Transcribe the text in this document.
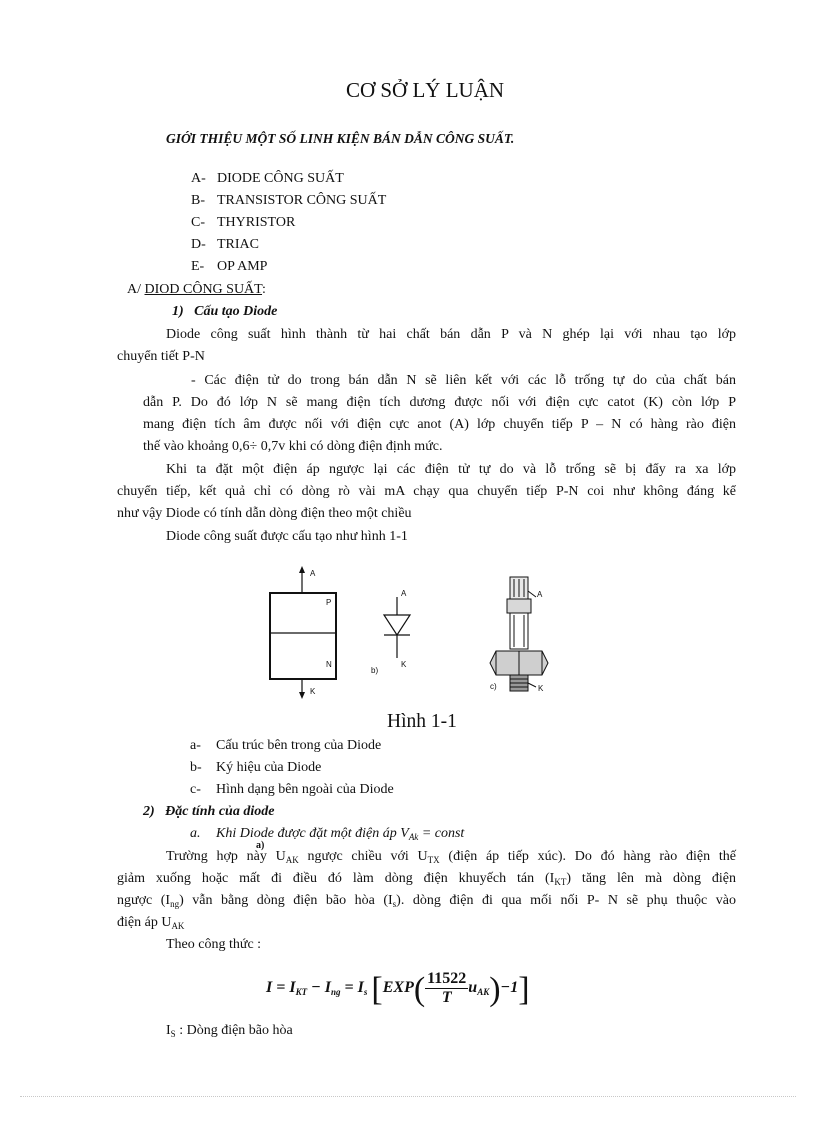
CƠ SỞ LÝ LUẬN
GIỚI THIỆU MỘT SỐ LINH KIỆN BÁN DẪN CÔNG SUẤT.
A- DIODE CÔNG SUẤT
B- TRANSISTOR CÔNG SUẤT
C- THYRISTOR
D- TRIAC
E- OP AMP
A/ DIOD CÔNG SUẤT:
1) Cấu tạo Diode
Diode công suất hình thành từ hai chất bán dẫn P và N ghép lại với nhau tạo lớp
chuyển tiết P-N
- Các điện tử do trong bán dẫn N sẽ liên kết với các lỗ trống tự do của chất bán
dẫn P. Do đó lớp N sẽ mang điện tích dương được nối với điện cực catot (K) còn lớp P
mang điện tích âm được nối với điện cực anot (A) lớp chuyển tiếp P – N có hàng rào điện
thế vào khoảng 0,6÷ 0,7v khi có dòng điện định mức.
Khi ta đặt một điện áp ngược lại các điện tử tự do và lỗ trống sẽ bị đẩy ra xa lớp
chuyển tiếp, kết quả chỉ có dòng rò vài mA chạy qua chuyển tiếp P-N coi như không đáng kể
như vậy Diode có tính dẫn dòng điện theo một chiều
Diode công suất được cấu tạo như hình 1-1
A
P
N
K
A
b)
K
A
c)	K
Hình 1-1
a- Cấu trúc bên trong của Diode
b- Ký hiệu của Diode
c- Hình dạng bên ngoài của Diode
2) Đặc tính của diode
a. Khi Diode được đặt một điện áp $V_{Ak}$ = const
a)
Trường hợp này $U_{AK}$ ngược chiều với $U_{TX}$ (điện áp tiếp xúc). Do đó hàng rào điện thế
giảm xuống hoặc mất đi điều đó làm dòng điện khuyếch tán $(I_{KT})$ tăng lên mà dòng điện
ngược $(I_{ng})$ vẫn bằng dòng điện bão hòa $(I_s)$. dòng điện đi qua mối nối P- N sẽ phụ thuộc vào
điện áp $U_{AK}$
Theo công thức :
$I = I_{KT} - I_{ng} = I_s$ $[EXP( \frac{11522}{T} u_{AK})-1]$
$I_S$ : Dòng điện bão hòa
